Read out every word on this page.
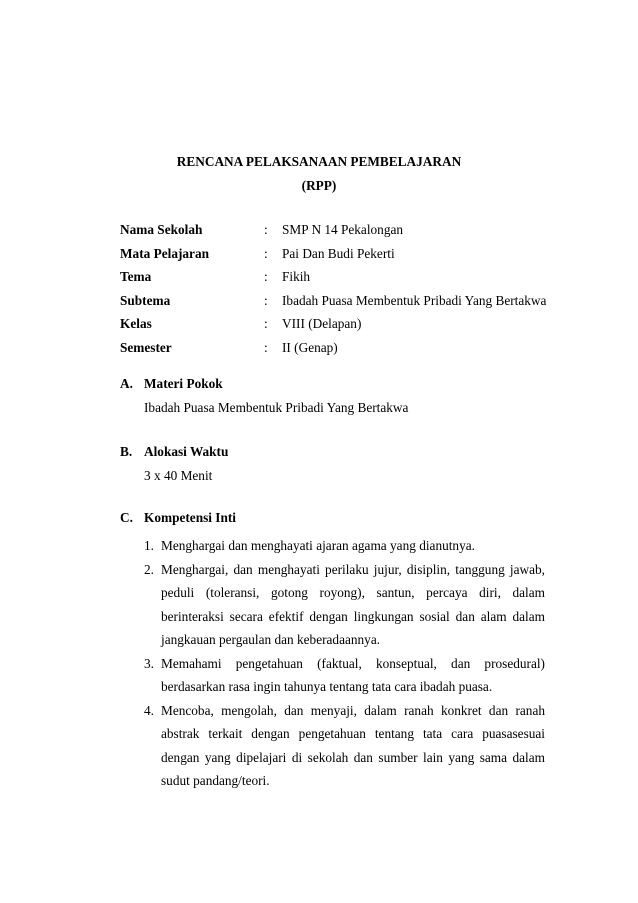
RENCANA PELAKSANAAN PEMBELAJARAN
(RPP)
Nama Sekolah	:	SMP N 14 Pekalongan
Mata Pelajaran	:	Pai Dan Budi Pekerti
Tema	:	Fikih
Subtema	:	Ibadah Puasa Membentuk Pribadi Yang Bertakwa
Kelas	:	VIII (Delapan)
Semester	:	II (Genap)
A. Materi Pokok
Ibadah Puasa Membentuk Pribadi Yang Bertakwa
B. Alokasi Waktu
3 x 40 Menit
C. Kompetensi Inti
1. Menghargai dan menghayati ajaran agama yang dianutnya.
2. Menghargai, dan menghayati perilaku jujur, disiplin, tanggung jawab, peduli (toleransi, gotong royong), santun, percaya diri, dalam berinteraksi secara efektif dengan lingkungan sosial dan alam dalam jangkauan pergaulan dan keberadaannya.
3. Memahami pengetahuan (faktual, konseptual, dan prosedural) berdasarkan rasa ingin tahunya tentang tata cara ibadah puasa.
4. Mencoba, mengolah, dan menyaji, dalam ranah konkret dan ranah abstrak terkait dengan pengetahuan tentang tata cara puasasesuai dengan yang dipelajari di sekolah dan sumber lain yang sama dalam sudut pandang/teori.
